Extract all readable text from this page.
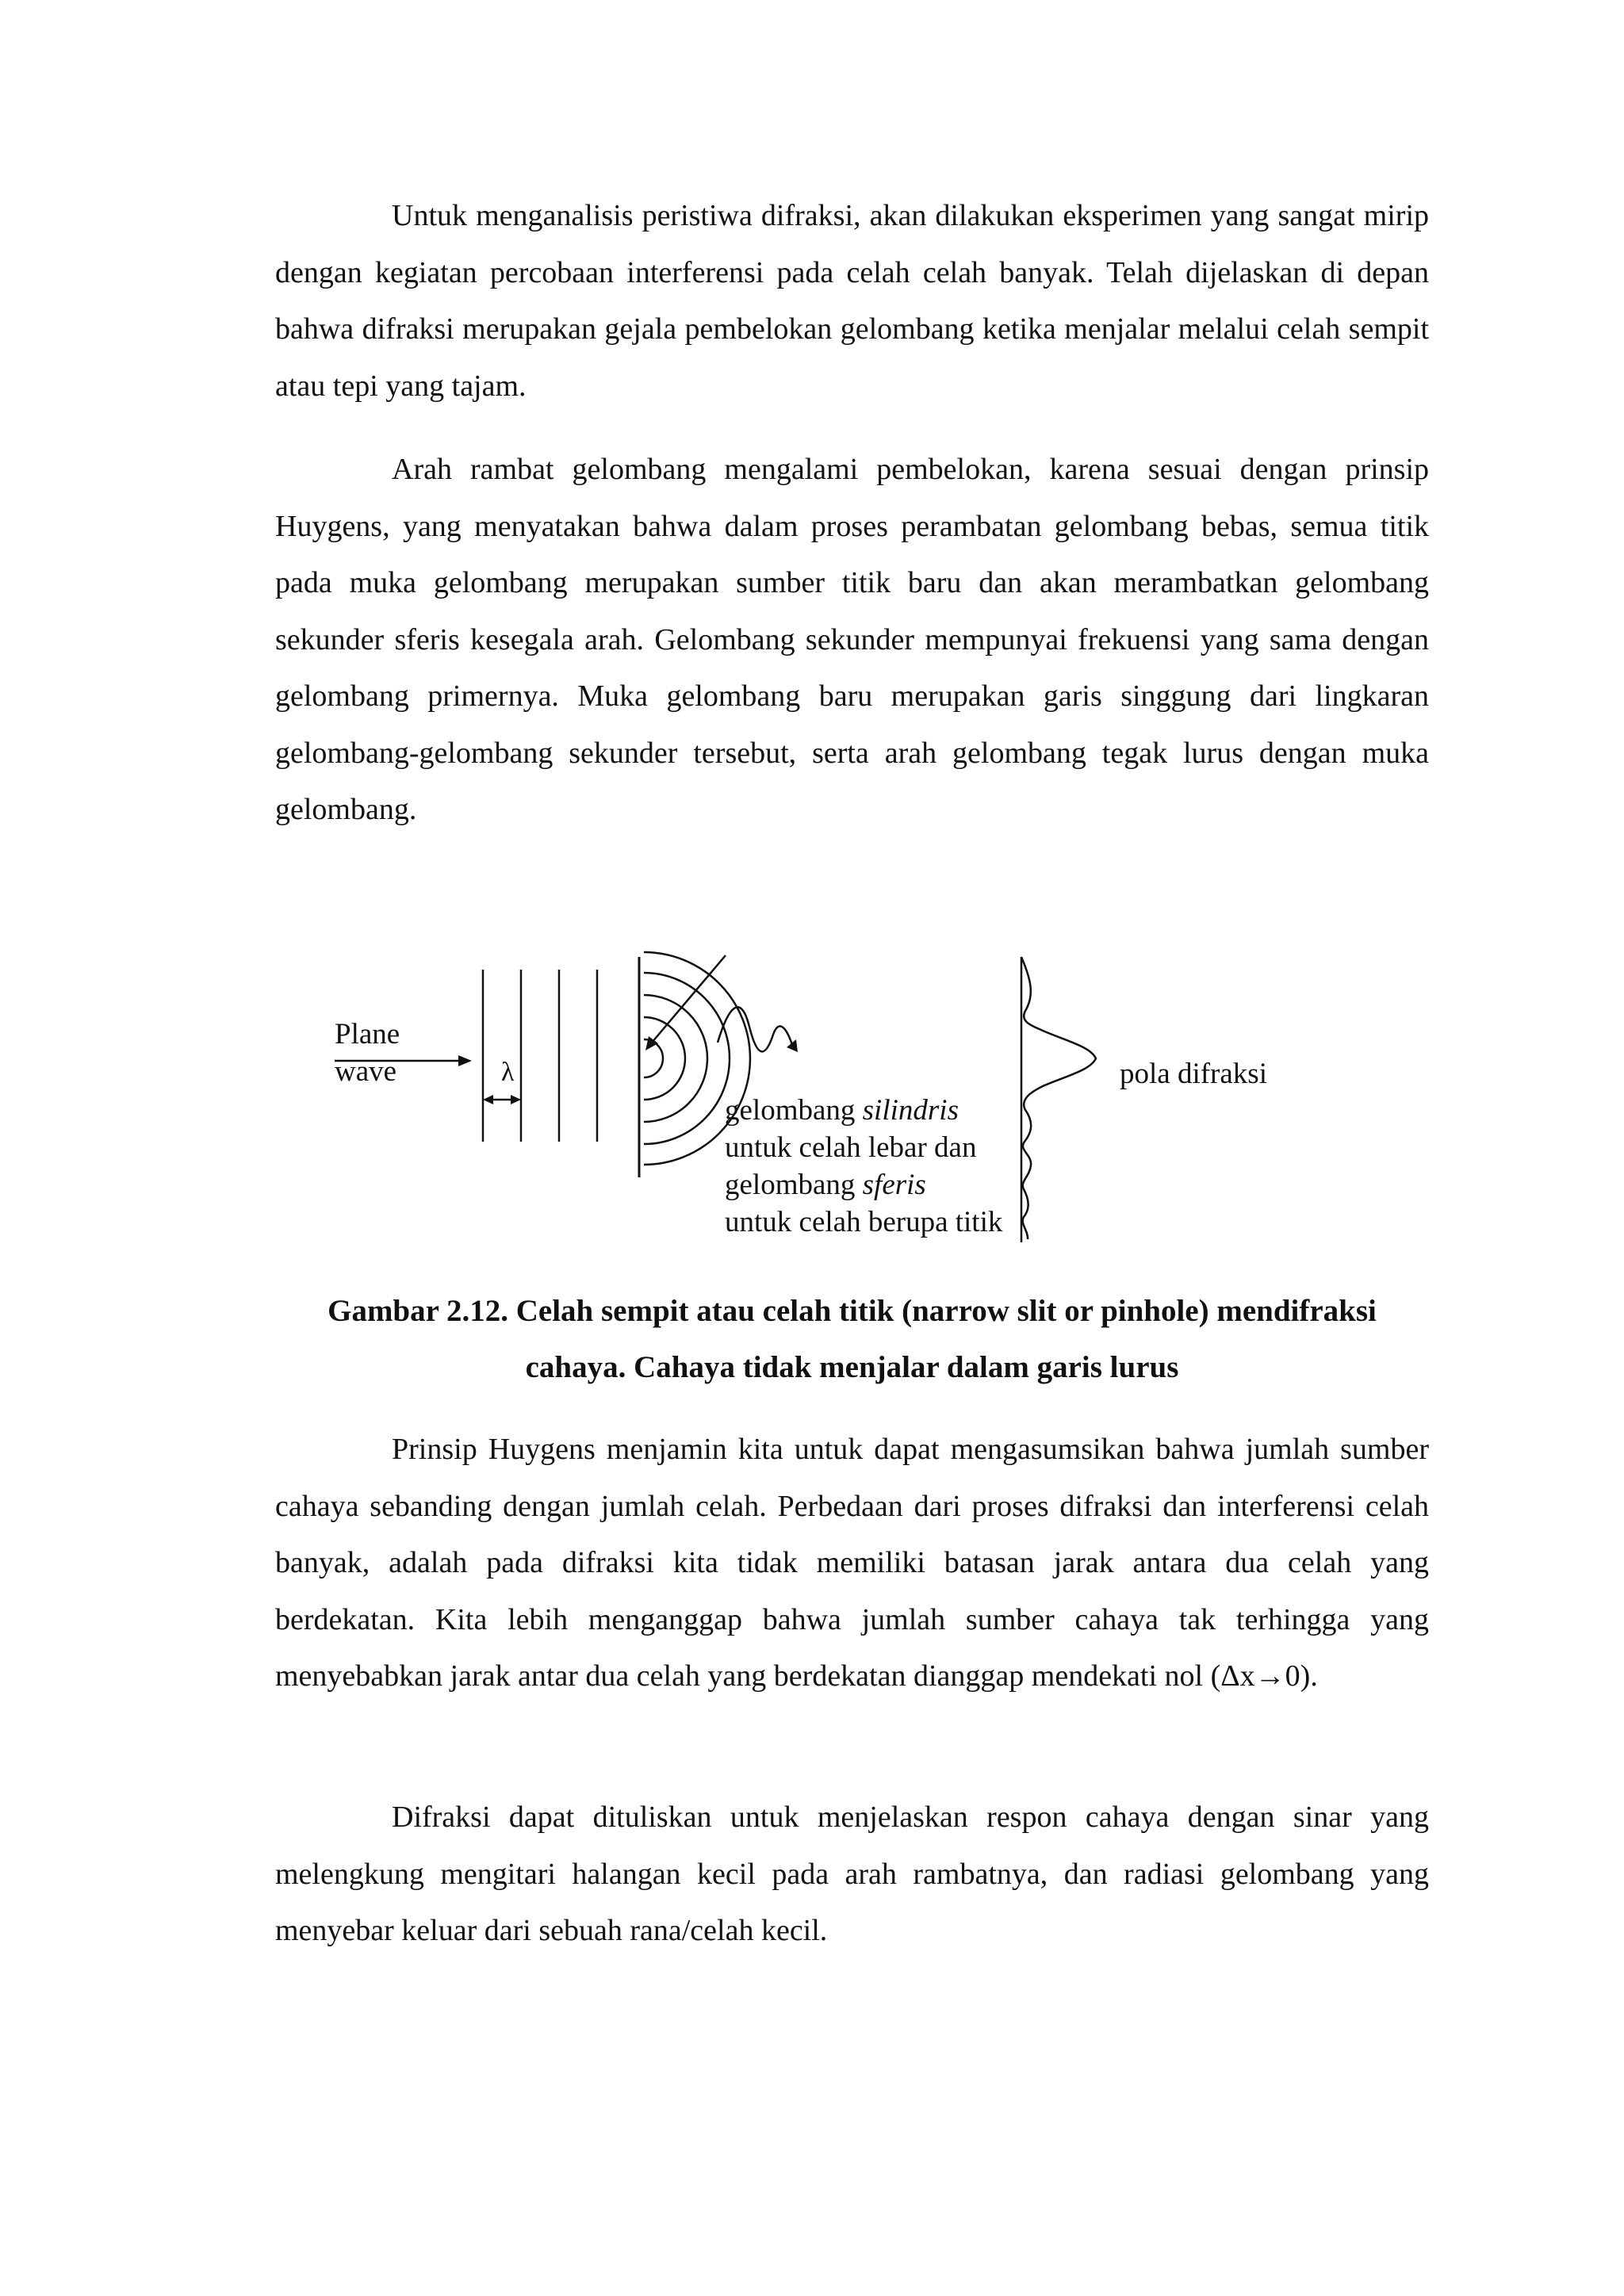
Untuk menganalisis peristiwa difraksi, akan dilakukan eksperimen yang sangat mirip dengan kegiatan percobaan interferensi pada celah celah banyak. Telah dijelaskan di depan bahwa difraksi merupakan gejala pembelokan gelombang ketika menjalar melalui celah sempit atau tepi yang tajam.

Arah rambat gelombang mengalami pembelokan, karena sesuai dengan prinsip Huygens, yang menyatakan bahwa dalam proses perambatan gelombang bebas, semua titik pada muka gelombang merupakan sumber titik baru dan akan merambatkan gelombang sekunder sferis kesegala arah. Gelombang sekunder mempunyai frekuensi yang sama dengan gelombang primernya. Muka gelombang baru merupakan garis singgung dari lingkaran gelombang-gelombang sekunder tersebut, serta arah gelombang tegak lurus dengan muka gelombang.

Plane
wave	λ
gelombang silindris
untuk celah lebar dan
gelombang sferis
untuk celah berupa titik
pola difraksi
Gambar 2.12. Celah sempit atau celah titik (narrow slit or pinhole) mendifraksi
cahaya. Cahaya tidak menjalar dalam garis lurus

Prinsip Huygens menjamin kita untuk dapat mengasumsikan bahwa jumlah sumber cahaya sebanding dengan jumlah celah. Perbedaan dari proses difraksi dan interferensi celah banyak, adalah pada difraksi kita tidak memiliki batasan jarak antara dua celah yang berdekatan. Kita lebih menganggap bahwa jumlah sumber cahaya tak terhingga yang menyebabkan jarak antar dua celah yang berdekatan dianggap mendekati nol (Δx→0).

Difraksi dapat dituliskan untuk menjelaskan respon cahaya dengan sinar yang melengkung mengitari halangan kecil pada arah rambatnya, dan radiasi gelombang yang menyebar keluar dari sebuah rana/celah kecil.
